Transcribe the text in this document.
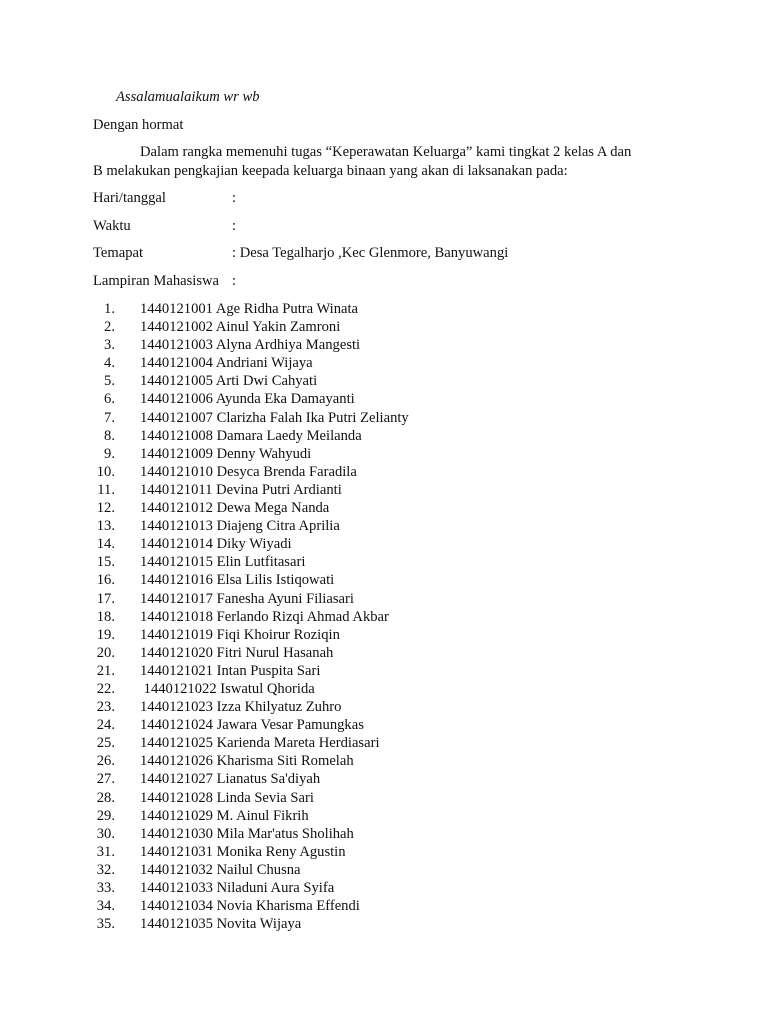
Assalamualaikum wr wb
Dengan hormat
Dalam rangka memenuhi tugas “Keperawatan Keluarga” kami tingkat 2 kelas A dan
B melakukan pengkajian keepada keluarga binaan yang akan di laksanakan pada:
Hari/tanggal	:
Waktu	:
Temapat	: Desa Tegalharjo ,Kec Glenmore, Banyuwangi
Lampiran Mahasiswa :
1. 1440121001 Age Ridha Putra Winata
2. 1440121002 Ainul Yakin Zamroni
3. 1440121003 Alyna Ardhiya Mangesti
4. 1440121004 Andriani Wijaya
5. 1440121005 Arti Dwi Cahyati
6. 1440121006 Ayunda Eka Damayanti
7. 1440121007 Clarizha Falah Ika Putri Zelianty
8. 1440121008 Damara Laedy Meilanda
9. 1440121009 Denny Wahyudi
10. 1440121010 Desyca Brenda Faradila
11. 1440121011 Devina Putri Ardianti
12. 1440121012 Dewa Mega Nanda
13. 1440121013 Diajeng Citra Aprilia
14. 1440121014 Diky Wiyadi
15. 1440121015 Elin Lutfitasari
16. 1440121016 Elsa Lilis Istiqowati
17. 1440121017 Fanesha Ayuni Filiasari
18. 1440121018 Ferlando Rizqi Ahmad Akbar
19. 1440121019 Fiqi Khoirur Roziqin
20. 1440121020 Fitri Nurul Hasanah
21. 1440121021 Intan Puspita Sari
22. 1440121022 Iswatul Qhorida
23. 1440121023 Izza Khilyatuz Zuhro
24. 1440121024 Jawara Vesar Pamungkas
25. 1440121025 Karienda Mareta Herdiasari
26. 1440121026 Kharisma Siti Romelah
27. 1440121027 Lianatus Sa'diyah
28. 1440121028 Linda Sevia Sari
29. 1440121029 M. Ainul Fikrih
30. 1440121030 Mila Mar'atus Sholihah
31. 1440121031 Monika Reny Agustin
32. 1440121032 Nailul Chusna
33. 1440121033 Niladuni Aura Syifa
34. 1440121034 Novia Kharisma Effendi
35. 1440121035 Novita Wijaya
